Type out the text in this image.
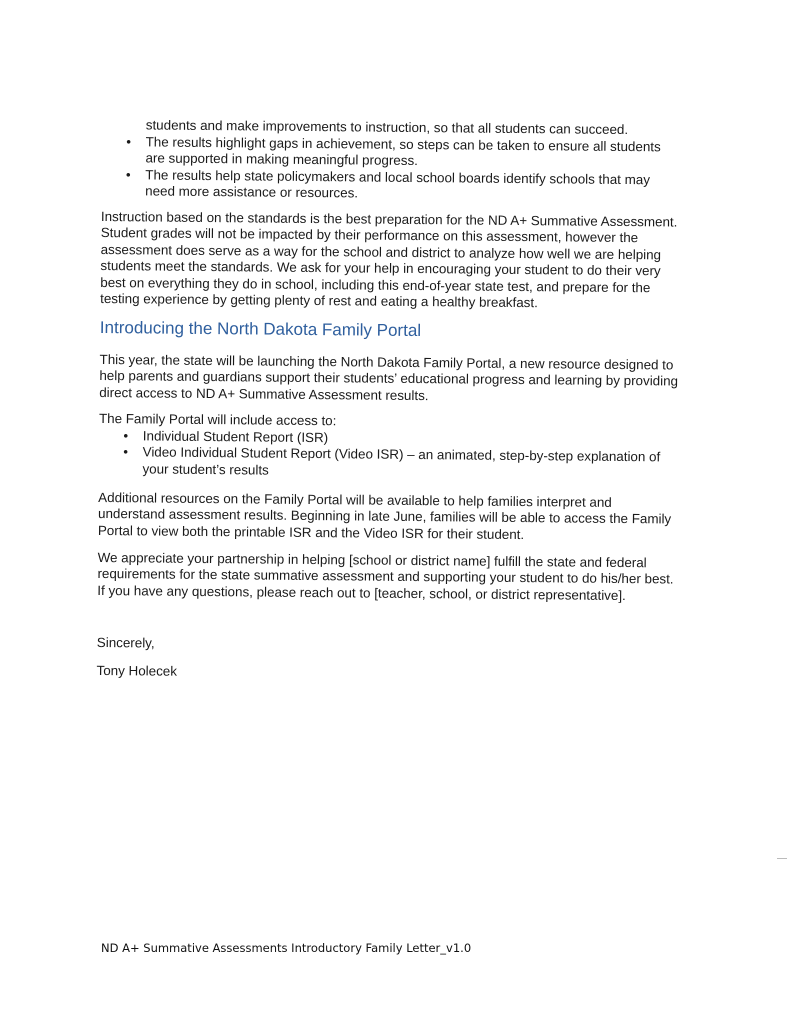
students and make improvements to instruction, so that all students can succeed.
• The results highlight gaps in achievement, so steps can be taken to ensure all students are supported in making meaningful progress.
• The results help state policymakers and local school boards identify schools that may need more assistance or resources.

Instruction based on the standards is the best preparation for the ND A+ Summative Assessment. Student grades will not be impacted by their performance on this assessment, however the assessment does serve as a way for the school and district to analyze how well we are helping students meet the standards. We ask for your help in encouraging your student to do their very best on everything they do in school, including this end-of-year state test, and prepare for the testing experience by getting plenty of rest and eating a healthy breakfast.

Introducing the North Dakota Family Portal

This year, the state will be launching the North Dakota Family Portal, a new resource designed to help parents and guardians support their students’ educational progress and learning by providing direct access to ND A+ Summative Assessment results.

The Family Portal will include access to:

• Individual Student Report (ISR)
• Video Individual Student Report (Video ISR) – an animated, step-by-step explanation of your student’s results

Additional resources on the Family Portal will be available to help families interpret and understand assessment results. Beginning in late June, families will be able to access the Family Portal to view both the printable ISR and the Video ISR for their student.

We appreciate your partnership in helping [school or district name] fulfill the state and federal requirements for the state summative assessment and supporting your student to do his/her best. If you have any questions, please reach out to [teacher, school, or district representative].

Sincerely,

Tony Holecek

ND A+ Summative Assessments Introductory Family Letter_v1.0
